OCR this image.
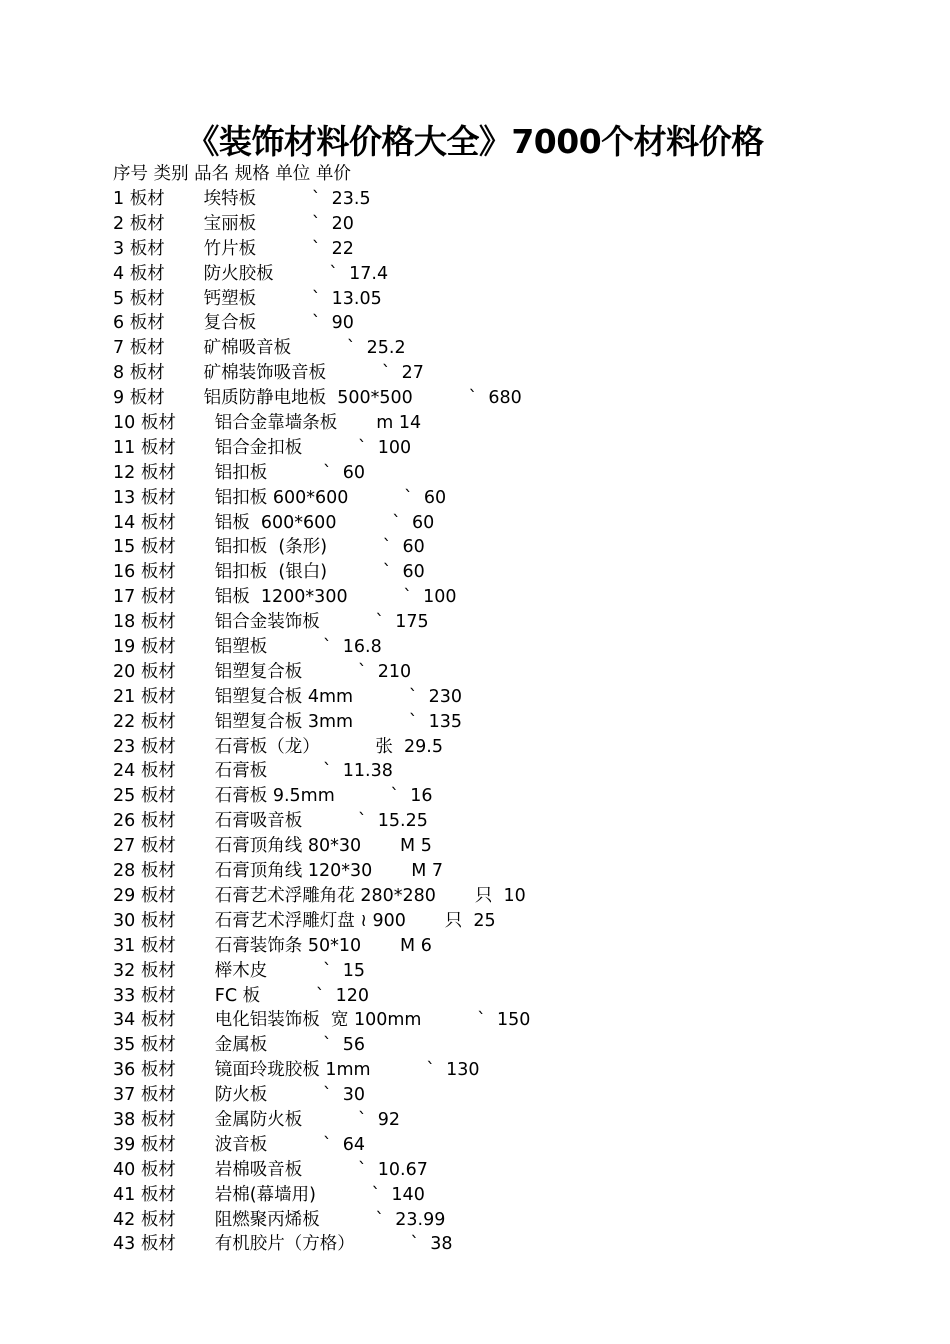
《装饰材料价格大全》7000个材料价格
序号 类别 品名 规格 单位 单价
1 板材       埃特板          `  23.5
2 板材       宝丽板          `  20
3 板材       竹片板          `  22
4 板材       防火胶板          `  17.4
5 板材       钙塑板          `  13.05
6 板材       复合板          `  90
7 板材       矿棉吸音板          `  25.2
8 板材       矿棉装饰吸音板          `  27
9 板材       铝质防静电地板  500*500          `  680
10 板材       铝合金靠墙条板       m 14
11 板材       铝合金扣板          `  100
12 板材       铝扣板          `  60
13 板材       铝扣板 600*600          `  60
14 板材       铝板  600*600          `  60
15 板材       铝扣板  (条形)          `  60
16 板材       铝扣板  (银白)          `  60
17 板材       铝板  1200*300          `  100
18 板材       铝合金装饰板          `  175
19 板材       铝塑板          `  16.8
20 板材       铝塑复合板          `  210
21 板材       铝塑复合板 4mm          `  230
22 板材       铝塑复合板 3mm          `  135
23 板材       石膏板（龙）          张  29.5
24 板材       石膏板          `  11.38
25 板材       石膏板 9.5mm          `  16
26 板材       石膏吸音板          `  15.25
27 板材       石膏顶角线 80*30       M 5
28 板材       石膏顶角线 120*30       M 7
29 板材       石膏艺术浮雕角花 280*280       只  10
30 板材       石膏艺术浮雕灯盘 ≀ 900       只  25
31 板材       石膏装饰条 50*10       M 6
32 板材       榉木皮          `  15
33 板材       FC 板          `  120
34 板材       电化铝装饰板  宽 100mm          `  150
35 板材       金属板          `  56
36 板材       镜面玲珑胶板 1mm          `  130
37 板材       防火板          `  30
38 板材       金属防火板          `  92
39 板材       波音板          `  64
40 板材       岩棉吸音板          `  10.67
41 板材       岩棉(幕墙用)          `  140
42 板材       阻燃聚丙烯板          `  23.99
43 板材       有机胶片（方格）          `  38
